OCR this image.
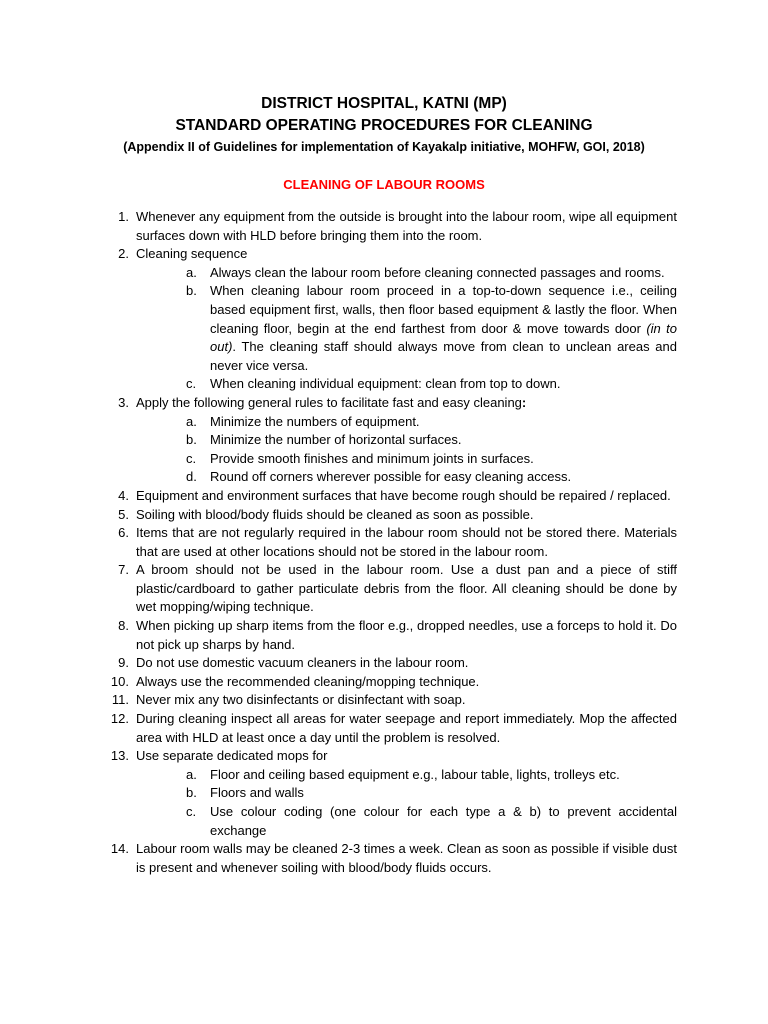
DISTRICT HOSPITAL, KATNI (MP)
STANDARD OPERATING PROCEDURES FOR CLEANING
(Appendix II of Guidelines for implementation of Kayakalp initiative, MOHFW, GOI, 2018)
CLEANING OF LABOUR ROOMS
1. Whenever any equipment from the outside is brought into the labour room, wipe all equipment surfaces down with HLD before bringing them into the room.
2. Cleaning sequence
a. Always clean the labour room before cleaning connected passages and rooms.
b. When cleaning labour room proceed in a top-to-down sequence i.e., ceiling based equipment first, walls, then floor based equipment & lastly the floor. When cleaning floor, begin at the end farthest from door & move towards door (in to out). The cleaning staff should always move from clean to unclean areas and never vice versa.
c. When cleaning individual equipment: clean from top to down.
3. Apply the following general rules to facilitate fast and easy cleaning:
a. Minimize the numbers of equipment.
b. Minimize the number of horizontal surfaces.
c. Provide smooth finishes and minimum joints in surfaces.
d. Round off corners wherever possible for easy cleaning access.
4. Equipment and environment surfaces that have become rough should be repaired / replaced.
5. Soiling with blood/body fluids should be cleaned as soon as possible.
6. Items that are not regularly required in the labour room should not be stored there. Materials that are used at other locations should not be stored in the labour room.
7. A broom should not be used in the labour room. Use a dust pan and a piece of stiff plastic/cardboard to gather particulate debris from the floor. All cleaning should be done by wet mopping/wiping technique.
8. When picking up sharp items from the floor e.g., dropped needles, use a forceps to hold it. Do not pick up sharps by hand.
9. Do not use domestic vacuum cleaners in the labour room.
10. Always use the recommended cleaning/mopping technique.
11. Never mix any two disinfectants or disinfectant with soap.
12. During cleaning inspect all areas for water seepage and report immediately. Mop the affected area with HLD at least once a day until the problem is resolved.
13. Use separate dedicated mops for
a. Floor and ceiling based equipment e.g., labour table, lights, trolleys etc.
b. Floors and walls
c. Use colour coding (one colour for each type a & b) to prevent accidental exchange
14. Labour room walls may be cleaned 2-3 times a week. Clean as soon as possible if visible dust is present and whenever soiling with blood/body fluids occurs.
